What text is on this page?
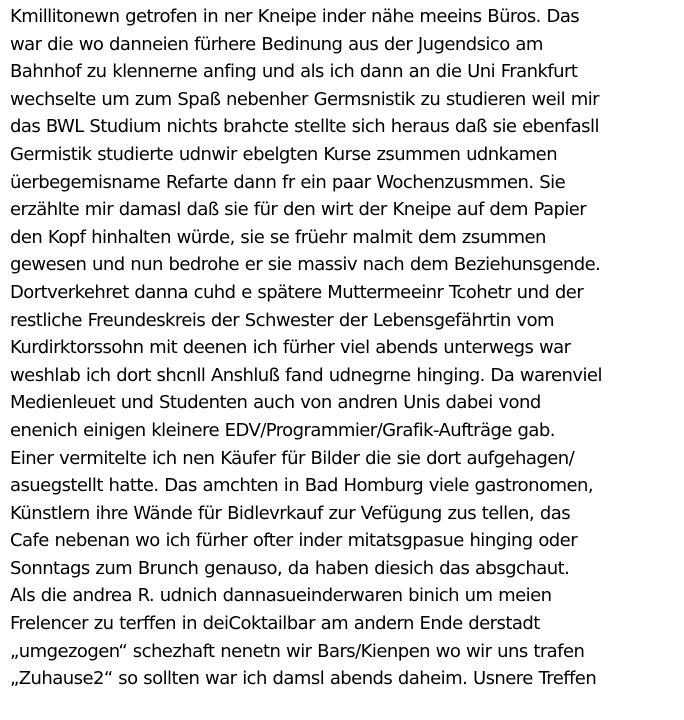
Kmillitonewn getrofen in ner Kneipe inder nähe meeins Büros. Das
war die wo danneien fürhere Bedinung aus der Jugendsico am
Bahnhof zu klennerne anfing und als ich dann an die Uni Frankfurt
wechselte um zum Spaß nebenher Germsnistik zu studieren weil mir
das BWL Studium nichts brahcte stellte sich heraus daß sie ebenfasll
Germistik studierte udnwir ebelgten Kurse zsummen udnkamen
üerbegemisname Refarte dann fr ein paar Wochenzusmmen. Sie
erzählte mir damasl daß sie für den wirt der Kneipe auf dem Papier
den Kopf hinhalten würde, sie se früehr malmit dem zsummen
gewesen und nun bedrohe er sie massiv nach dem Beziehunsgende.
Dortverkehret danna cuhd e spätere Muttermeeinr Tcohetr und der
restliche Freundeskreis der Schwester der Lebensgefährtin vom
Kurdirktorssohn mit deenen ich fürher viel abends unterwegs war
weshlab ich dort shcnll Anshluß fand udnegrne hinging. Da warenviel
Medienleuet und Studenten auch von andren Unis dabei vond
enenich einigen kleinere EDV/Programmier/Grafik-Aufträge gab.
Einer vermitelte ich nen Käufer für Bilder die sie dort aufgehagen/
asuegstellt hatte. Das amchten in Bad Homburg viele gastronomen,
Künstlern ihre Wände für Bidlevrkauf zur Vefügung zus tellen, das
Cafe nebenan wo ich fürher ofter inder mitatsgpasue hinging oder
Sonntags zum Brunch genauso, da haben diesich das absgchaut.
Als die andrea R. udnich dannasueinderwaren binich um meien
Frelencer zu terffen in deiCoktailbar am andern Ende derstadt
„umgezogen“ schezhaft nenetn wir Bars/Kienpen wo wir uns trafen
„Zuhause2“ so sollten war ich damsl abends daheim. Usnere Treffen
